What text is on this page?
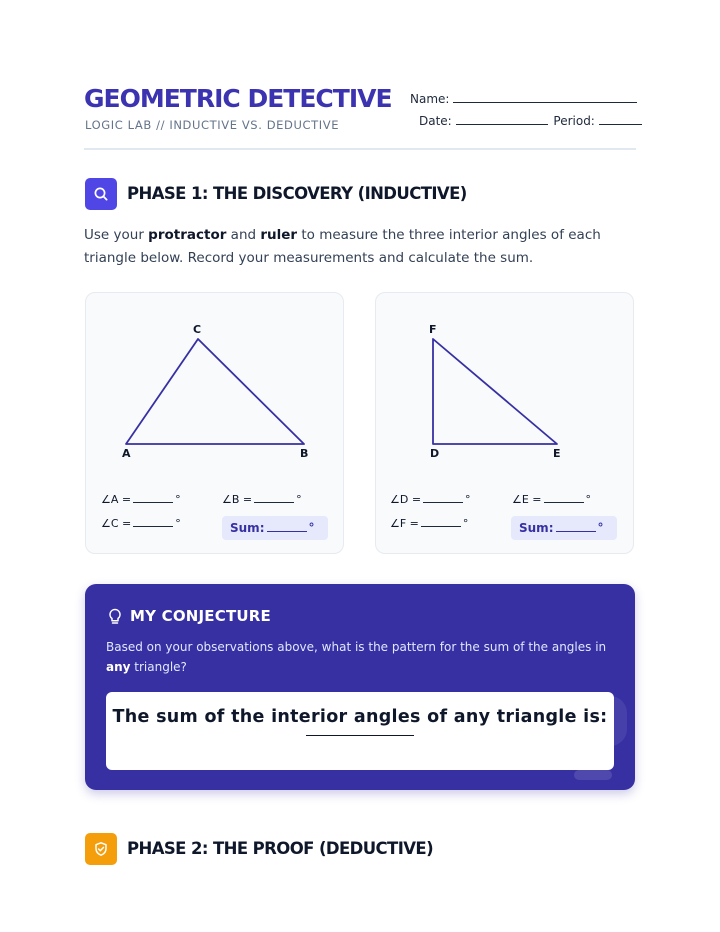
GEOMETRIC DETECTIVE
LOGIC LAB // INDUCTIVE VS. DEDUCTIVE
Name:
Date:	Period:
PHASE 1: THE DISCOVERY (INDUCTIVE)
Use your protractor and ruler to measure the three interior angles of each triangle below. Record your measurements and calculate the sum.
C
A	B
∠A =	°	∠B =	°
∠C =	°	Sum:	°
F
D	E
∠D =	°	∠E =	°
∠F =	°	Sum:	°
MY CONJECTURE
Based on your observations above, what is the pattern for the sum of the angles in any triangle?
The sum of the interior angles of any triangle is:
PHASE 2: THE PROOF (DEDUCTIVE)
